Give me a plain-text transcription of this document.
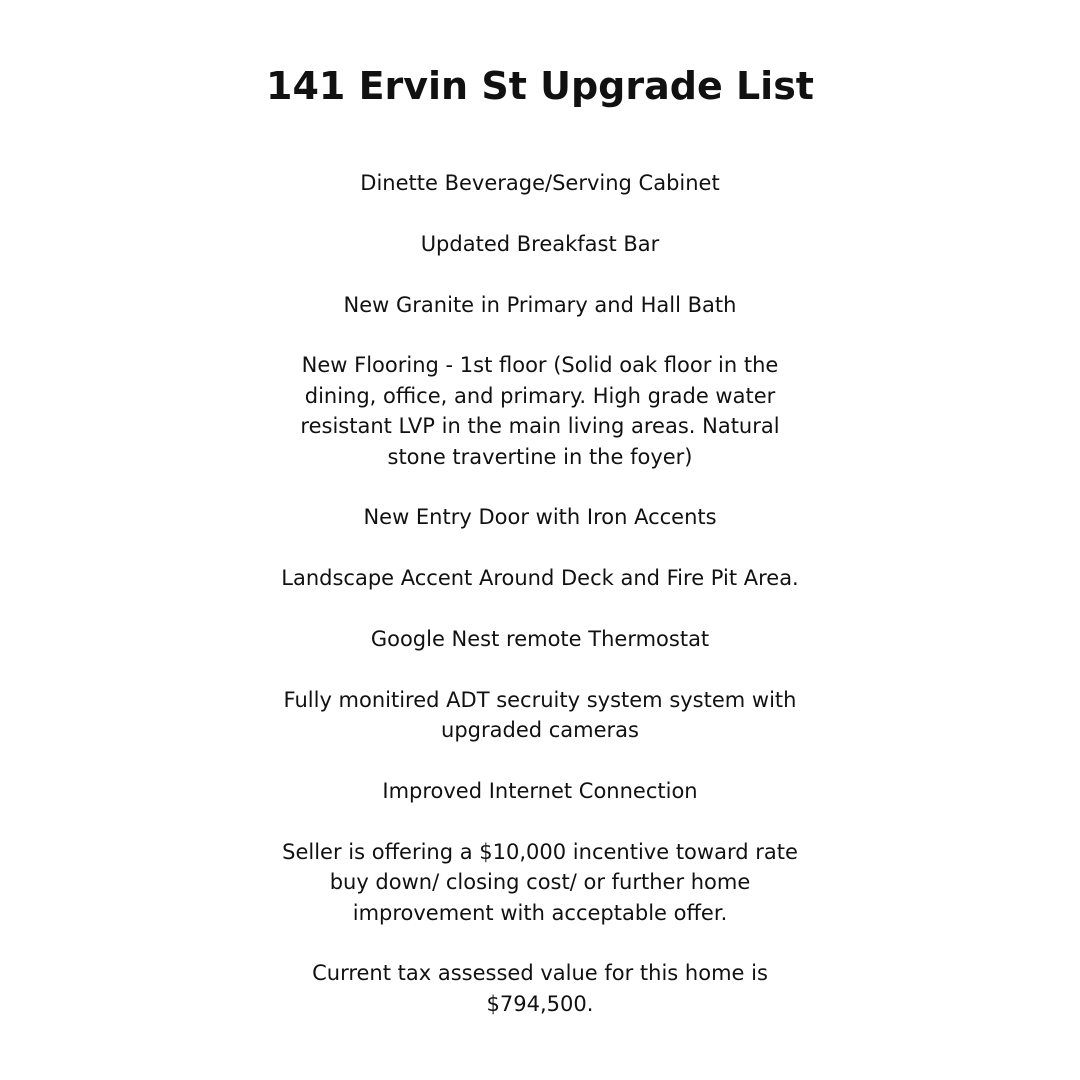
141 Ervin St Upgrade List
Dinette Beverage/Serving Cabinet
Updated Breakfast Bar
New Granite in Primary and Hall Bath
New Flooring - 1st floor (Solid oak floor in the dining, office, and primary. High grade water resistant LVP in the main living areas. Natural stone travertine in the foyer)
New Entry Door with Iron Accents
Landscape Accent Around Deck and Fire Pit Area.
Google Nest remote Thermostat
Fully monitired ADT secruity system system with upgraded cameras
Improved Internet Connection
Seller is offering a $10,000 incentive toward rate buy down/ closing cost/ or further home improvement with acceptable offer.
Current tax assessed value for this home is $794,500.
